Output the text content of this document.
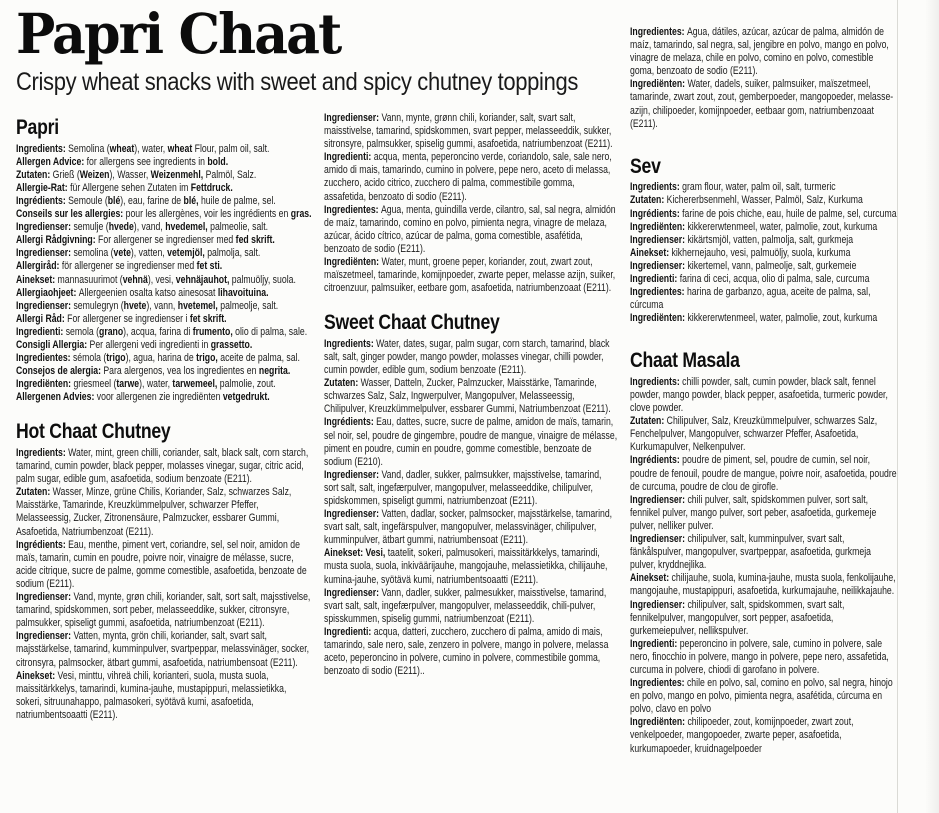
Papri Chaat

Crispy wheat snacks with sweet and spicy chutney toppings

Papri

Ingredients: Semolina (wheat), water, wheat Flour, palm oil, salt.

Allergen Advice: for allergens see ingredients in bold.

Zutaten: Grieß (Weizen), Wasser, Weizenmehl, Palmöl, Salz.

Allergie-Rat: für Allergene sehen Zutaten im Fettdruck.

Ingrédients: Semoule (blé), eau, farine de blé, huile de palme, sel.

Conseils sur les allergies: pour les allergènes, voir les ingrédients en gras.

Ingredienser: semulje (hvede), vand, hvedemel, palmeolie, salt.

Allergi Rådgivning: For allergener se ingredienser med fed skrift.

Ingredienser: semolina (vete), vatten, vetemjöl, palmolja, salt.

Allergiråd: för allergener se ingredienser med fet sti.

Ainekset: mannasuurimot (vehnä), vesi, vehnäjauhot, palmuöljy, suola.

Allergiaohjeet: Allergeenien osalta katso ainesosat lihavoituina.

Ingredienser: semulegryn (hvete), vann, hvetemel, palmeolje, salt.

Allergi Råd: For allergener se ingredienser i fet skrift.

Ingredienti: semola (grano), acqua, farina di frumento, olio di palma, sale.

Consigli Allergia: Per allergeni vedi ingredienti in grassetto.

Ingredientes: sémola (trigo), agua, harina de trigo, aceite de palma, sal.

Consejos de alergia: Para alergenos, vea los ingredientes en negrita.

Ingrediënten: griesmeel (tarwe), water, tarwemeel, palmolie, zout.

Allergenen Advies: voor allergenen zie ingrediënten vetgedrukt.

Hot Chaat Chutney

Ingredients: Water, mint, green chilli, coriander, salt, black salt, corn starch, tamarind, cumin powder, black pepper, molasses vinegar, sugar, citric acid, palm sugar, edible gum, asafoetida, sodium benzoate (E211).

Zutaten: Wasser, Minze, grüne Chilis, Koriander, Salz, schwarzes Salz, Maisstärke, Tamarinde, Kreuzkümmelpulver, schwarzer Pfeffer, Melasseessig, Zucker, Zitronensäure, Palmzucker, essbarer Gummi, Asafoetida, Natriumbenzoat (E211).

Ingrédients: Eau, menthe, piment vert, coriandre, sel, sel noir, amidon de maïs, tamarin, cumin en poudre, poivre noir, vinaigre de mélasse, sucre, acide citrique, sucre de palme, gomme comestible, asafoetida, benzoate de sodium (E211).

Ingredienser: Vand, mynte, grøn chili, koriander, salt, sort salt, majsstivelse, tamarind, spidskommen, sort peber, melasseeddike, sukker, citronsyre, palmsukker, spiseligt gummi, asafoetida, natriumbenzoat (E211).

Ingredienser: Vatten, mynta, grön chili, koriander, salt, svart salt, majsstärkelse, tamarind, kumminpulver, svartpeppar, melassvinäger, socker, citronsyra, palmsocker, ätbart gummi, asafoetida, natriumbensoat (E211).

Ainekset: Vesi, minttu, vihreä chili, korianteri, suola, musta suola, maissitärkkelys, tamarindi, kumina-jauhe, mustapippuri, melassietikka, sokeri, sitruunahappo, palmasokeri, syötävä kumi, asafoetida, natriumbentsoaatti (E211).

Ingredienser: Vann, mynte, grønn chili, koriander, salt, svart salt, maisstivelse, tamarind, spidskommen, svart pepper, melasseeddik, sukker, sitronsyre, palmsukker, spiselig gummi, asafoetida, natriumbenzoat (E211).

Ingredienti: acqua, menta, peperoncino verde, coriandolo, sale, sale nero, amido di mais, tamarindo, cumino in polvere, pepe nero, aceto di melassa, zucchero, acido citrico, zucchero di palma, commestibile gomma, assafetida, benzoato di sodio (E211).

Ingredientes: Agua, menta, guindilla verde, cilantro, sal, sal negra, almidón de maíz, tamarindo, comino en polvo, pimienta negra, vinagre de melaza, azúcar, ácido cítrico, azúcar de palma, goma comestible, asafétida, benzoato de sodio (E211).

Ingrediënten: Water, munt, groene peper, koriander, zout, zwart zout, maïszetmeel, tamarinde, komijnpoeder, zwarte peper, melasse azijn, suiker, citroenzuur, palmsuiker, eetbare gom, asafoetida, natriumbenzoaat (E211).

Sweet Chaat Chutney

Ingredients: Water, dates, sugar, palm sugar, corn starch, tamarind, black salt, salt, ginger powder, mango powder, molasses vinegar, chilli powder, cumin powder, edible gum, sodium benzoate (E211).

Zutaten: Wasser, Datteln, Zucker, Palmzucker, Maisstärke, Tamarinde, schwarzes Salz, Salz, Ingwerpulver, Mangopulver, Melasseessig, Chilipulver, Kreuzkümmelpulver, essbarer Gummi, Natriumbenzoat (E211).

Ingrédients: Eau, dattes, sucre, sucre de palme, amidon de maïs, tamarin, sel noir, sel, poudre de gingembre, poudre de mangue, vinaigre de mélasse, piment en poudre, cumin en poudre, gomme comestible, benzoate de sodium (E210).

Ingredienser: Vand, dadler, sukker, palmsukker, majsstivelse, tamarind, sort salt, salt, ingefærpulver, mangopulver, melasseeddike, chilipulver, spidskommen, spiseligt gummi, natriumbenzoat (E211).

Ingredienser: Vatten, dadlar, socker, palmsocker, majsstärkelse, tamarind, svart salt, salt, ingefärspulver, mangopulver, melassvinäger, chilipulver, kumminpulver, ätbart gummi, natriumbensoat (E211).

Ainekset: Vesi, taatelit, sokeri, palmusokeri, maissitärkkelys, tamarindi, musta suola, suola, inkiväärijauhe, mangojauhe, melassietikka, chilijauhe, kumina-jauhe, syötävä kumi, natriumbentsoaatti (E211).

Ingredienser: Vann, dadler, sukker, palmesukker, maisstivelse, tamarind, svart salt, salt, ingefærpulver, mangopulver, melasseeddik, chili-pulver, spisskummen, spiselig gummi, natriumbenzoat (E211).

Ingredienti: acqua, datteri, zucchero, zucchero di palma, amido di mais, tamarindo, sale nero, sale, zenzero in polvere, mango in polvere, melassa aceto, peperoncino in polvere, cumino in polvere, commestibile gomma, benzoato di sodio (E211)..

Ingredientes: Agua, dátiles, azúcar, azúcar de palma, almidón de maíz, tamarindo, sal negra, sal, jengibre en polvo, mango en polvo, vinagre de melaza, chile en polvo, comino en polvo, comestible goma, benzoato de sodio (E211).

Ingrediënten: Water, dadels, suiker, palmsuiker, maïszetmeel, tamarinde, zwart zout, zout, gemberpoeder, mangopoeder, melasse-azijn, chilipoeder, komijnpoeder, eetbaar gom, natriumbenzoaat (E211).

Sev

Ingredients: gram flour, water, palm oil, salt, turmeric

Zutaten: Kichererbsenmehl, Wasser, Palmöl, Salz, Kurkuma

Ingrédients: farine de pois chiche, eau, huile de palme, sel, curcuma

Ingrediënten: kikkererwtenmeel, water, palmolie, zout, kurkuma

Ingredienser: kikärtsmjöl, vatten, palmolja, salt, gurkmeja

Ainekset: kikhernejauho, vesi, palmuöljy, suola, kurkuma

Ingredienser: kikertemel, vann, palmeolje, salt, gurkemeie

Ingredienti: farina di ceci, acqua, olio di palma, sale, curcuma

Ingredientes: harina de garbanzo, agua, aceite de palma, sal, cúrcuma

Ingrediënten: kikkererwtenmeel, water, palmolie, zout, kurkuma

Chaat Masala

Ingredients: chilli powder, salt, cumin powder, black salt, fennel powder, mango powder, black pepper, asafoetida, turmeric powder, clove powder.

Zutaten: Chilipulver, Salz, Kreuzkümmelpulver, schwarzes Salz, Fenchelpulver, Mangopulver, schwarzer Pfeffer, Asafoetida, Kurkumapulver, Nelkenpulver.

Ingrédients: poudre de piment, sel, poudre de cumin, sel noir, poudre de fenouil, poudre de mangue, poivre noir, asafoetida, poudre de curcuma, poudre de clou de girofle.

Ingredienser: chili pulver, salt, spidskommen pulver, sort salt, fennikel pulver, mango pulver, sort peber, asafoetida, gurkemeje pulver, nelliker pulver.

Ingredienser: chilipulver, salt, kumminpulver, svart salt, fänkålspulver, mangopulver, svartpeppar, asafoetida, gurkmeja pulver, kryddnejlika.

Ainekset: chilijauhe, suola, kumina-jauhe, musta suola, fenkolijauhe, mangojauhe, mustapippuri, asafoetida, kurkumajauhe, neilikkajauhe.

Ingredienser: chilipulver, salt, spidskommen, svart salt, fennikelpulver, mangopulver, sort pepper, asafoetida, gurkemeiepulver, nellikspulver.

Ingredienti: peperoncino in polvere, sale, cumino in polvere, sale nero, finocchio in polvere, mango in polvere, pepe nero, assafetida, curcuma in polvere, chiodi di garofano in polvere.

Ingredientes: chile en polvo, sal, comino en polvo, sal negra, hinojo en polvo, mango en polvo, pimienta negra, asafétida, cúrcuma en polvo, clavo en polvo

Ingrediënten: chilipoeder, zout, komijnpoeder, zwart zout, venkelpoeder, mangopoeder, zwarte peper, asafoetida, kurkumapoeder, kruidnagelpoeder
